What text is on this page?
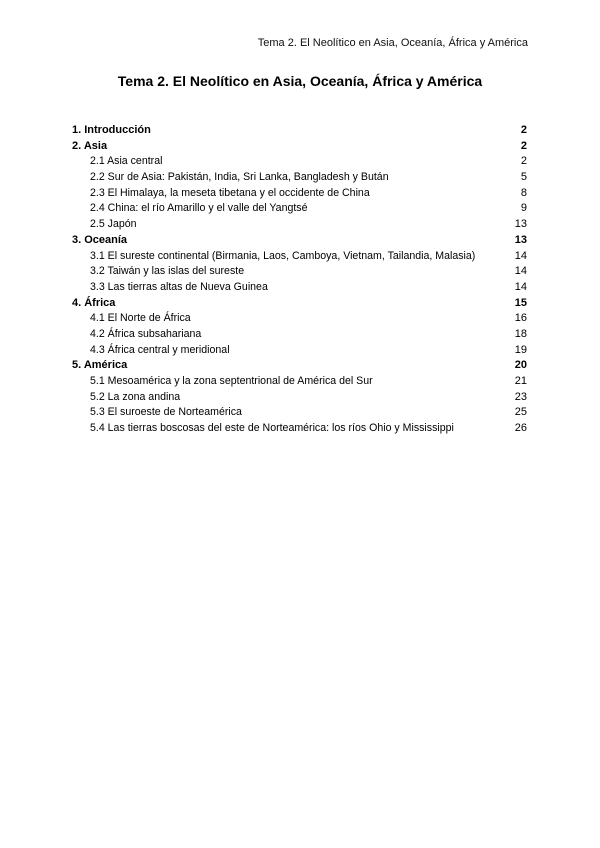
Tema 2. El Neolítico en Asia, Oceanía, África y América
Tema 2. El Neolítico en Asia, Oceanía, África y América
1. Introducción	2
2. Asia	2
2.1 Asia central	2
2.2 Sur de Asia: Pakistán, India, Sri Lanka, Bangladesh y Bután	5
2.3 El Himalaya, la meseta tibetana y el occidente de China	8
2.4 China: el río Amarillo y el valle del Yangtsé	9
2.5 Japón	13
3. Oceanía	13
3.1 El sureste continental (Birmania, Laos, Camboya, Vietnam, Tailandia, Malasia)	14
3.2 Taiwán y las islas del sureste	14
3.3 Las tierras altas de Nueva Guinea	14
4. África	15
4.1 El Norte de África	16
4.2 África subsahariana	18
4.3 África central y meridional	19
5. América	20
5.1 Mesoamérica y la zona septentrional de América del Sur	21
5.2 La zona andina	23
5.3 El suroeste de Norteamérica	25
5.4 Las tierras boscosas del este de Norteamérica: los ríos Ohio y Mississippi	26
